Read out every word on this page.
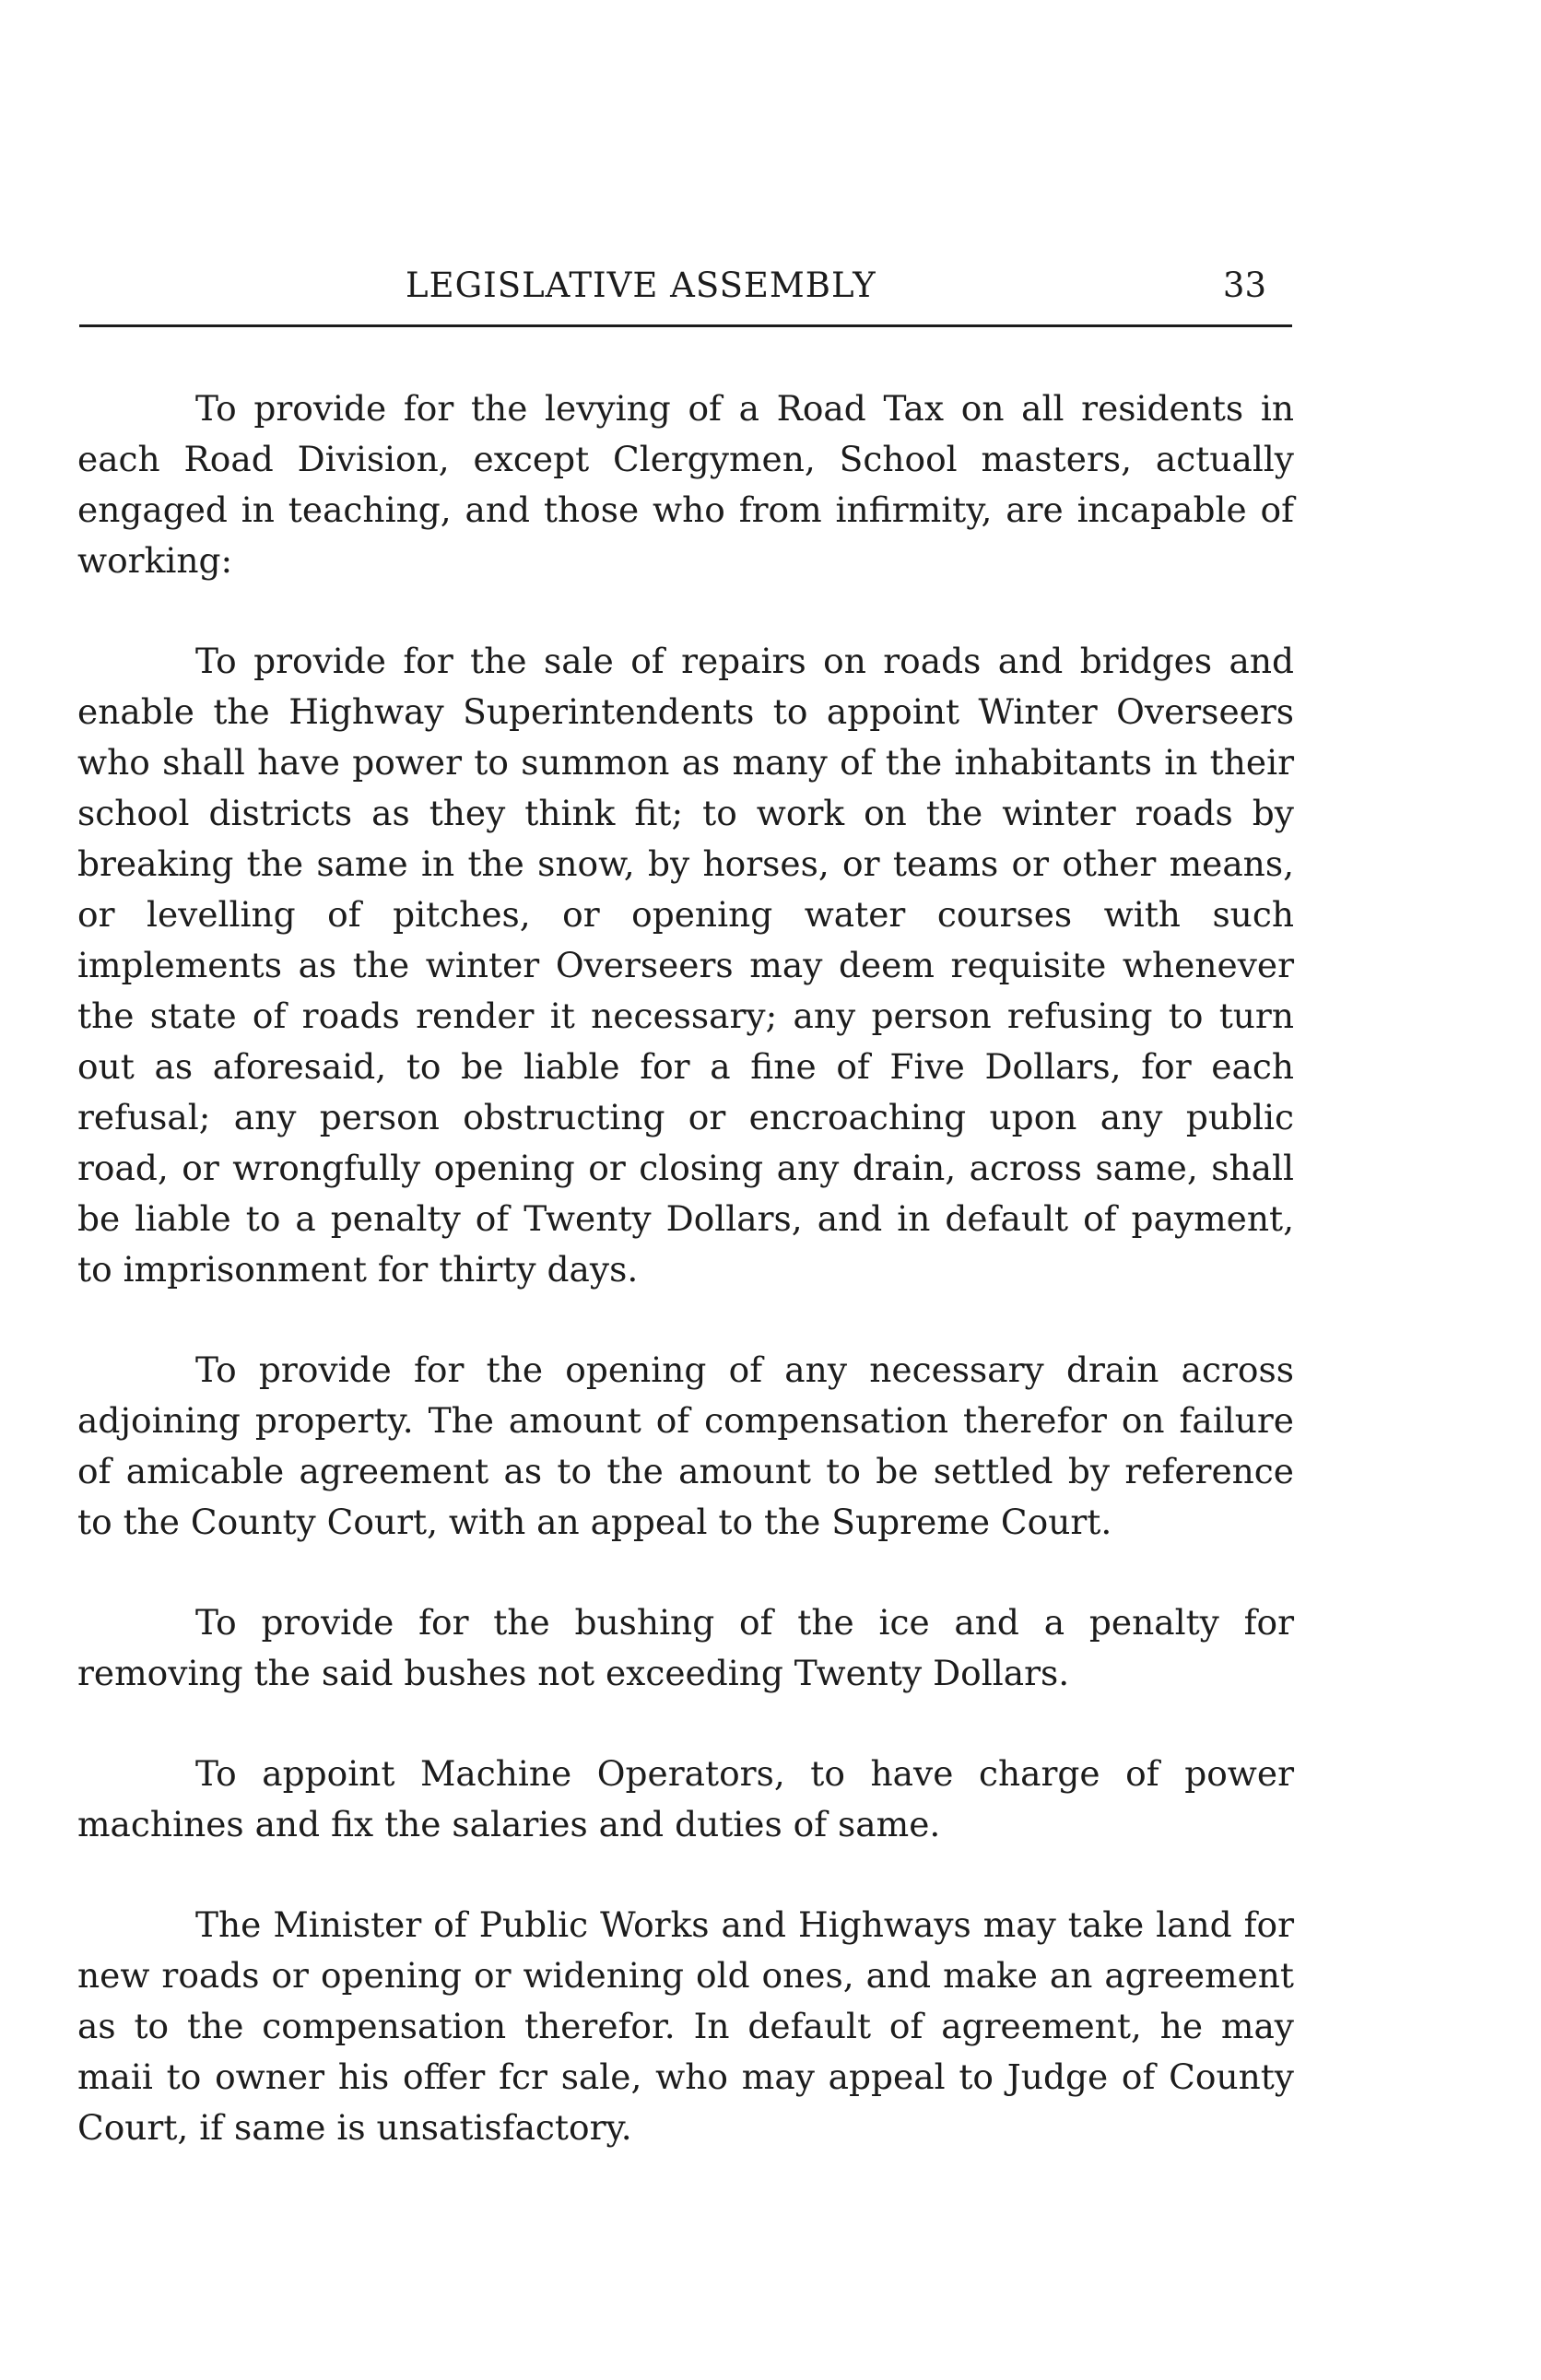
LEGISLATIVE ASSEMBLY	33

To provide for the levying of a Road Tax on all residents in each Road Division, except Clergymen, School masters, actually engaged in teaching, and those who from infirmity, are incapable of working:

To provide for the sale of repairs on roads and bridges and enable the Highway Superintendents to appoint Winter Overseers who shall have power to summon as many of the inhabitants in their school districts as they think fit; to work on the winter roads by breaking the same in the snow, by horses, or teams or other means, or levelling of pitches, or opening water courses with such implements as the winter Overseers may deem requisite whenever the state of roads render it necessary; any person refusing to turn out as aforesaid, to be liable for a fine of Five Dollars, for each refusal; any person obstructing or encroaching upon any public road, or wrongfully opening or closing any drain, across same, shall be liable to a penalty of Twenty Dollars, and in default of payment, to imprisonment for thirty days.

To provide for the opening of any necessary drain across adjoining property. The amount of compensation therefor on failure of amicable agreement as to the amount to be settled by reference to the County Court, with an appeal to the Supreme Court.

To provide for the bushing of the ice and a penalty for removing the said bushes not exceeding Twenty Dollars.

To appoint Machine Operators, to have charge of power machines and fix the salaries and duties of same.

The Minister of Public Works and Highways may take land for new roads or opening or widening old ones, and make an agreement as to the compensation therefor. In default of agreement, he may maii to owner his offer fcr sale, who may appeal to Judge of County Court, if same is unsatisfactory.
